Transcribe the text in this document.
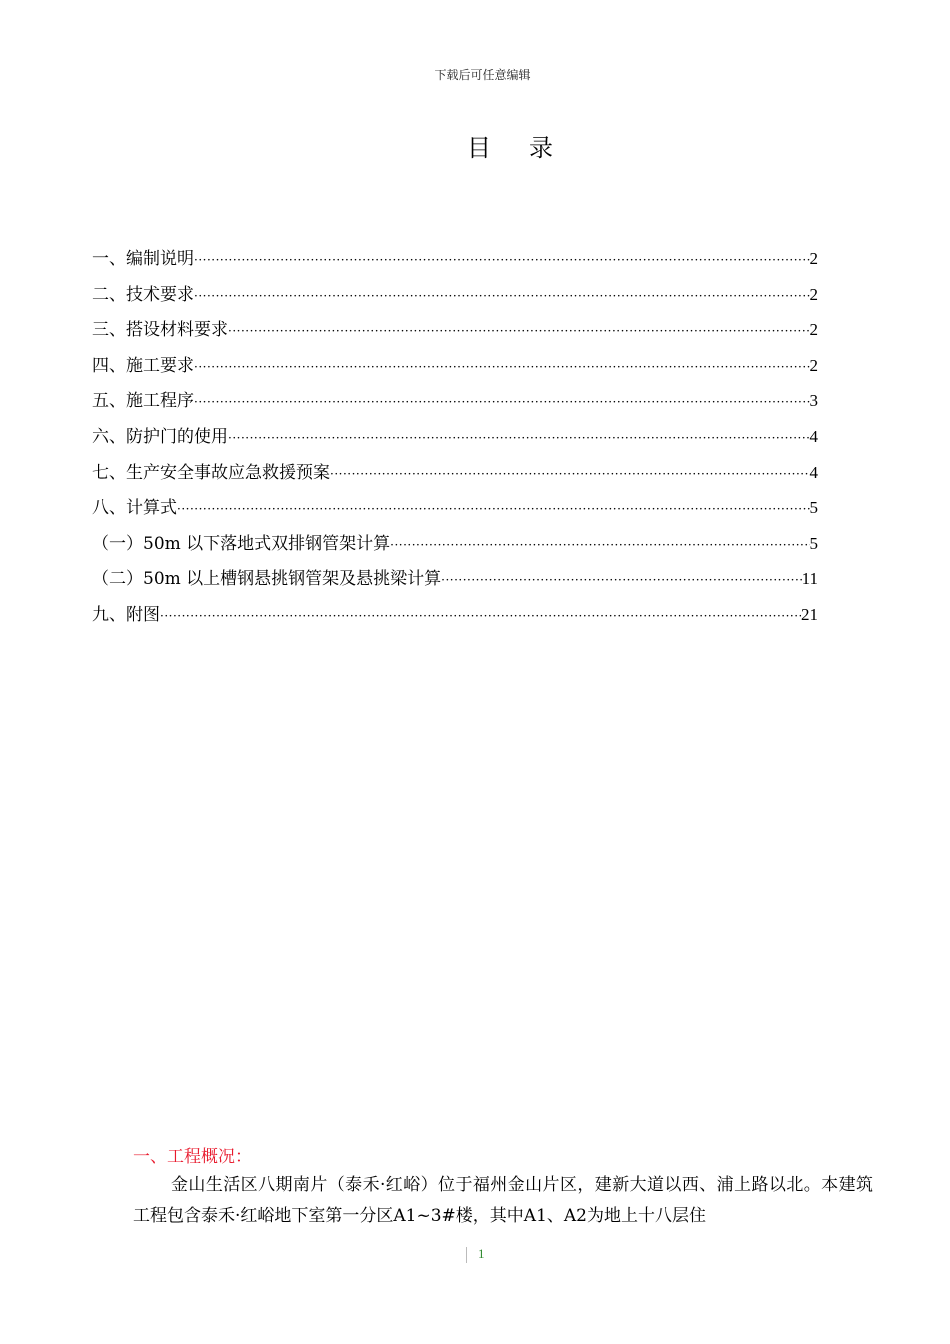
下载后可任意编辑
目 录
一、编制说明 ·····	2
二、技术要求 ·····	2
三、搭设材料要求 ·····	2
四、施工要求 ·····	2
五、施工程序 ·····	3
六、防护门的使用 ·····	4
七、生产安全事故应急救援预案 ·····	4
八、计算式 ·····	5
（一）50m 以下落地式双排钢管架计算 ·····	5
（二）50m 以上槽钢悬挑钢管架及悬挑梁计算 ·····	11
九、附图 ·····	21
一、工程概况：

金山生活区八期南片（泰禾·红峪）位于福州金山片区，建新大道以西、浦上路以北。本建筑工程包含泰禾·红峪地下室第一分区A1~3#楼，其中A1、A2为地上十八层住

1
